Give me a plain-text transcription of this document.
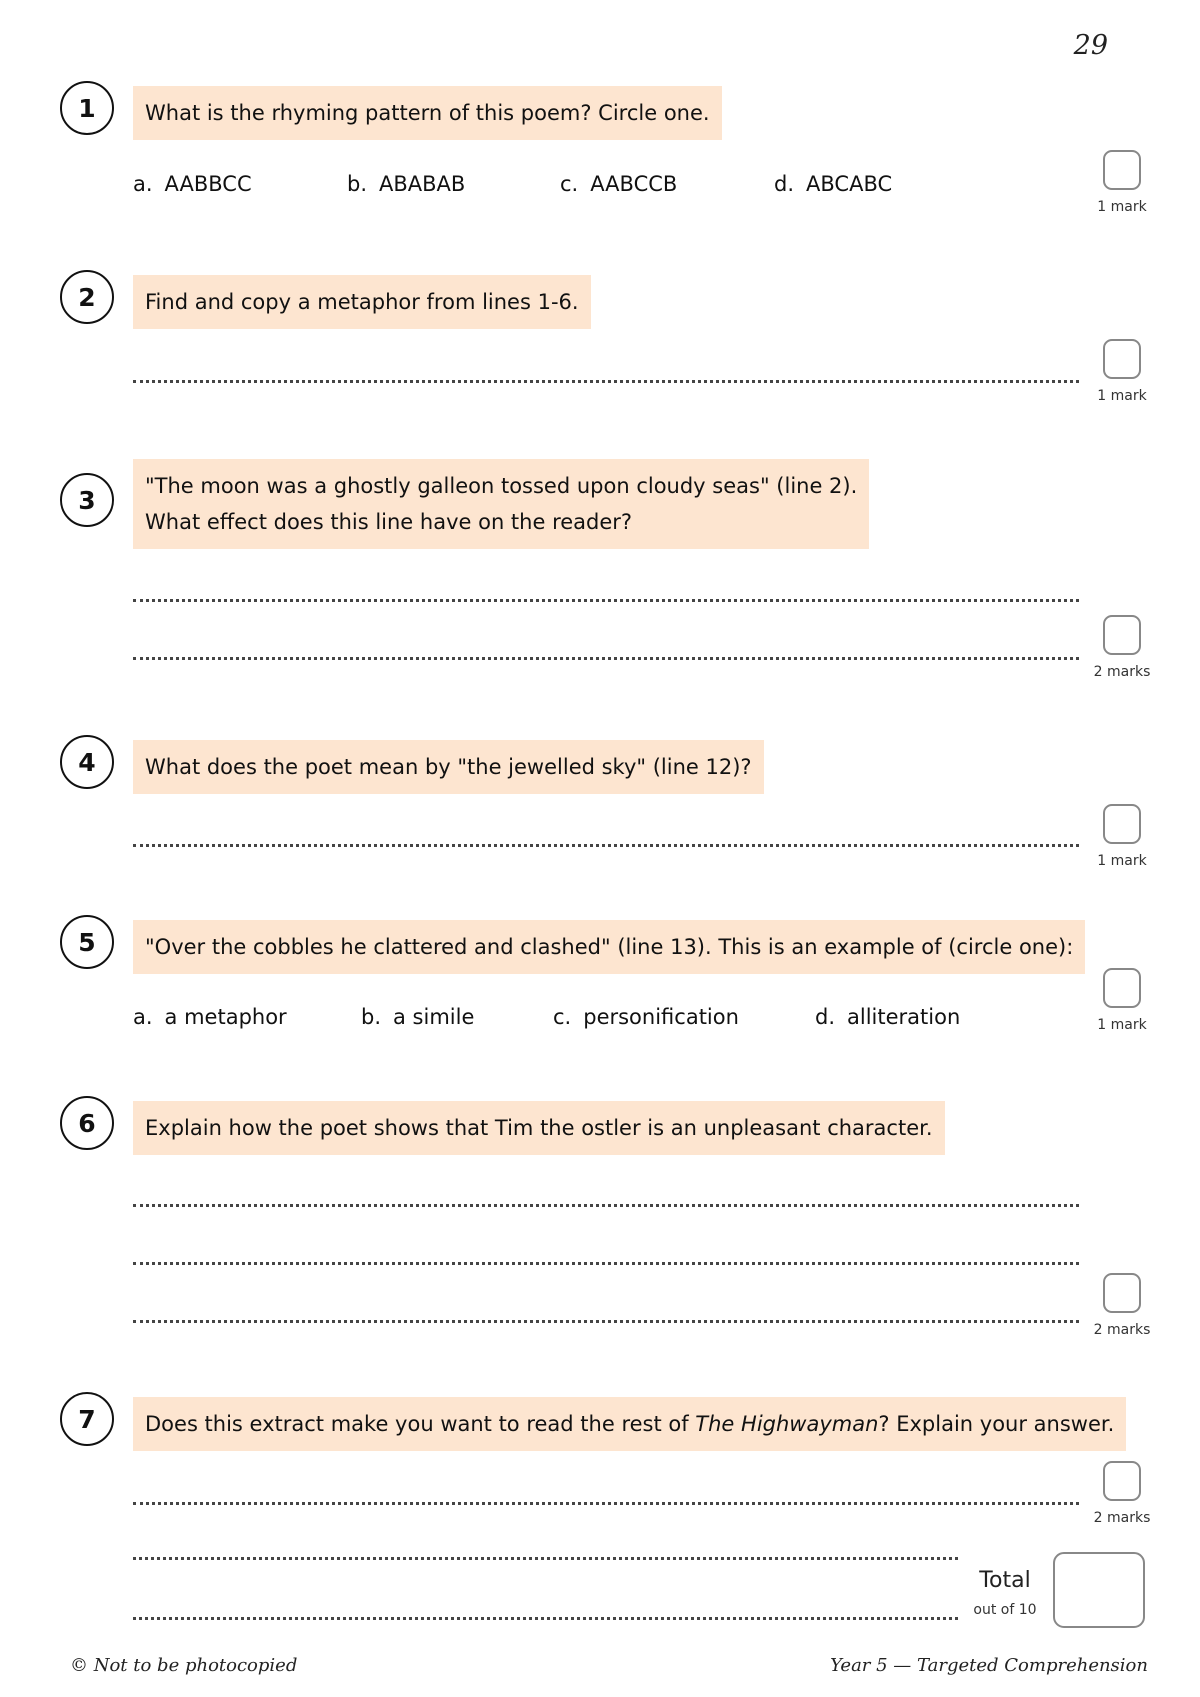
29
1	What is the rhyming pattern of this poem? Circle one.
a. AABBCC	b. ABABAB	c. AABCCB	d. ABCABC
1 mark
2	Find and copy a metaphor from lines 1-6.
1 mark
3	"The moon was a ghostly galleon tossed upon cloudy seas" (line 2).
What effect does this line have on the reader?
2 marks
4	What does the poet mean by "the jewelled sky" (line 12)?
1 mark
5	"Over the cobbles he clattered and clashed" (line 13). This is an example of (circle one):
a. a metaphor	b. a simile	c. personification	d. alliteration	1 mark
6	Explain how the poet shows that Tim the ostler is an unpleasant character.
2 marks
7	Does this extract make you want to read the rest of The Highwayman? Explain your answer.
2 marks
Total
out of 10
© Not to be photocopied	Year 5 — Targeted Comprehension
